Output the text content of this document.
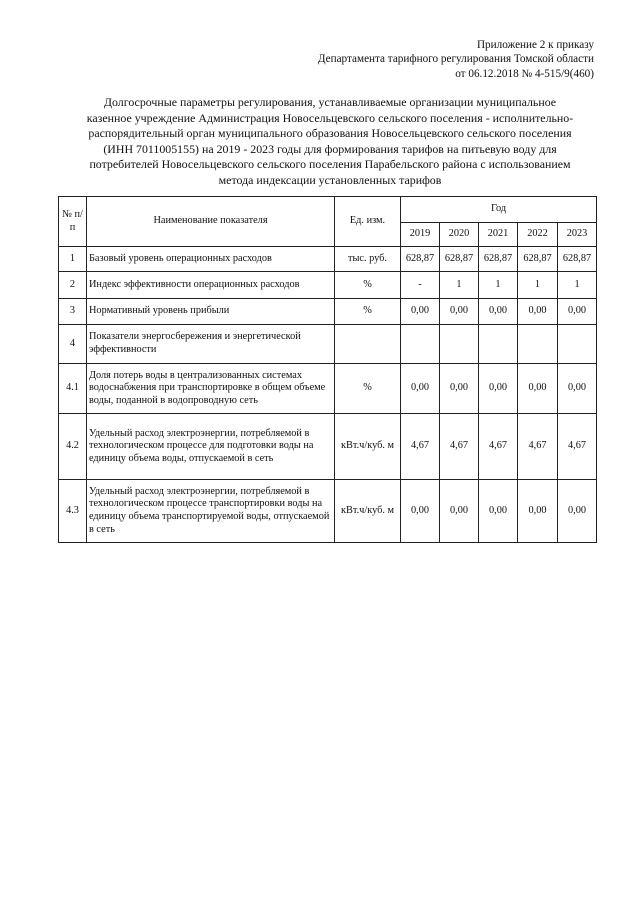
Приложение 2 к приказу
Департамента тарифного регулирования Томской области
от 06.12.2018 № 4-515/9(460)
Долгосрочные параметры регулирования, устанавливаемые организации муниципальное
казенное учреждение Администрация Новосельцевского сельского поселения - исполнительно-
распорядительный орган муниципального образования Новосельцевского сельского поселения
(ИНН 7011005155) на 2019 - 2023 годы для формирования тарифов на питьевую воду для
потребителей Новосельцевского сельского поселения Парабельского района с использованием
метода индексации установленных тарифов
№ п/п	Наименование показателя	Ед. изм.	Год				
			2019	2020	2021	2022	2023
1	Базовый уровень операционных расходов	тыс. руб.	628,87	628,87	628,87	628,87	628,87
2	Индекс эффективности операционных расходов	%	-	1	1	1	1
3	Нормативный уровень прибыли	%	0,00	0,00	0,00	0,00	0,00
4	Показатели энергосбережения и энергетической эффективности						
4.1	Доля потерь воды в централизованных системах водоснабжения при транспортировке в общем объеме воды, поданной в водопроводную сеть	%	0,00	0,00	0,00	0,00	0,00
4.2	Удельный расход электроэнергии, потребляемой в технологическом процессе для подготовки воды на единицу объема воды, отпускаемой в сеть	кВт.ч/куб. м	4,67	4,67	4,67	4,67	4,67
4.3	Удельный расход электроэнергии, потребляемой в технологическом процессе транспортировки воды на единицу объема транспортируемой воды, отпускаемой в сеть	кВт.ч/куб. м	0,00	0,00	0,00	0,00	0,00
